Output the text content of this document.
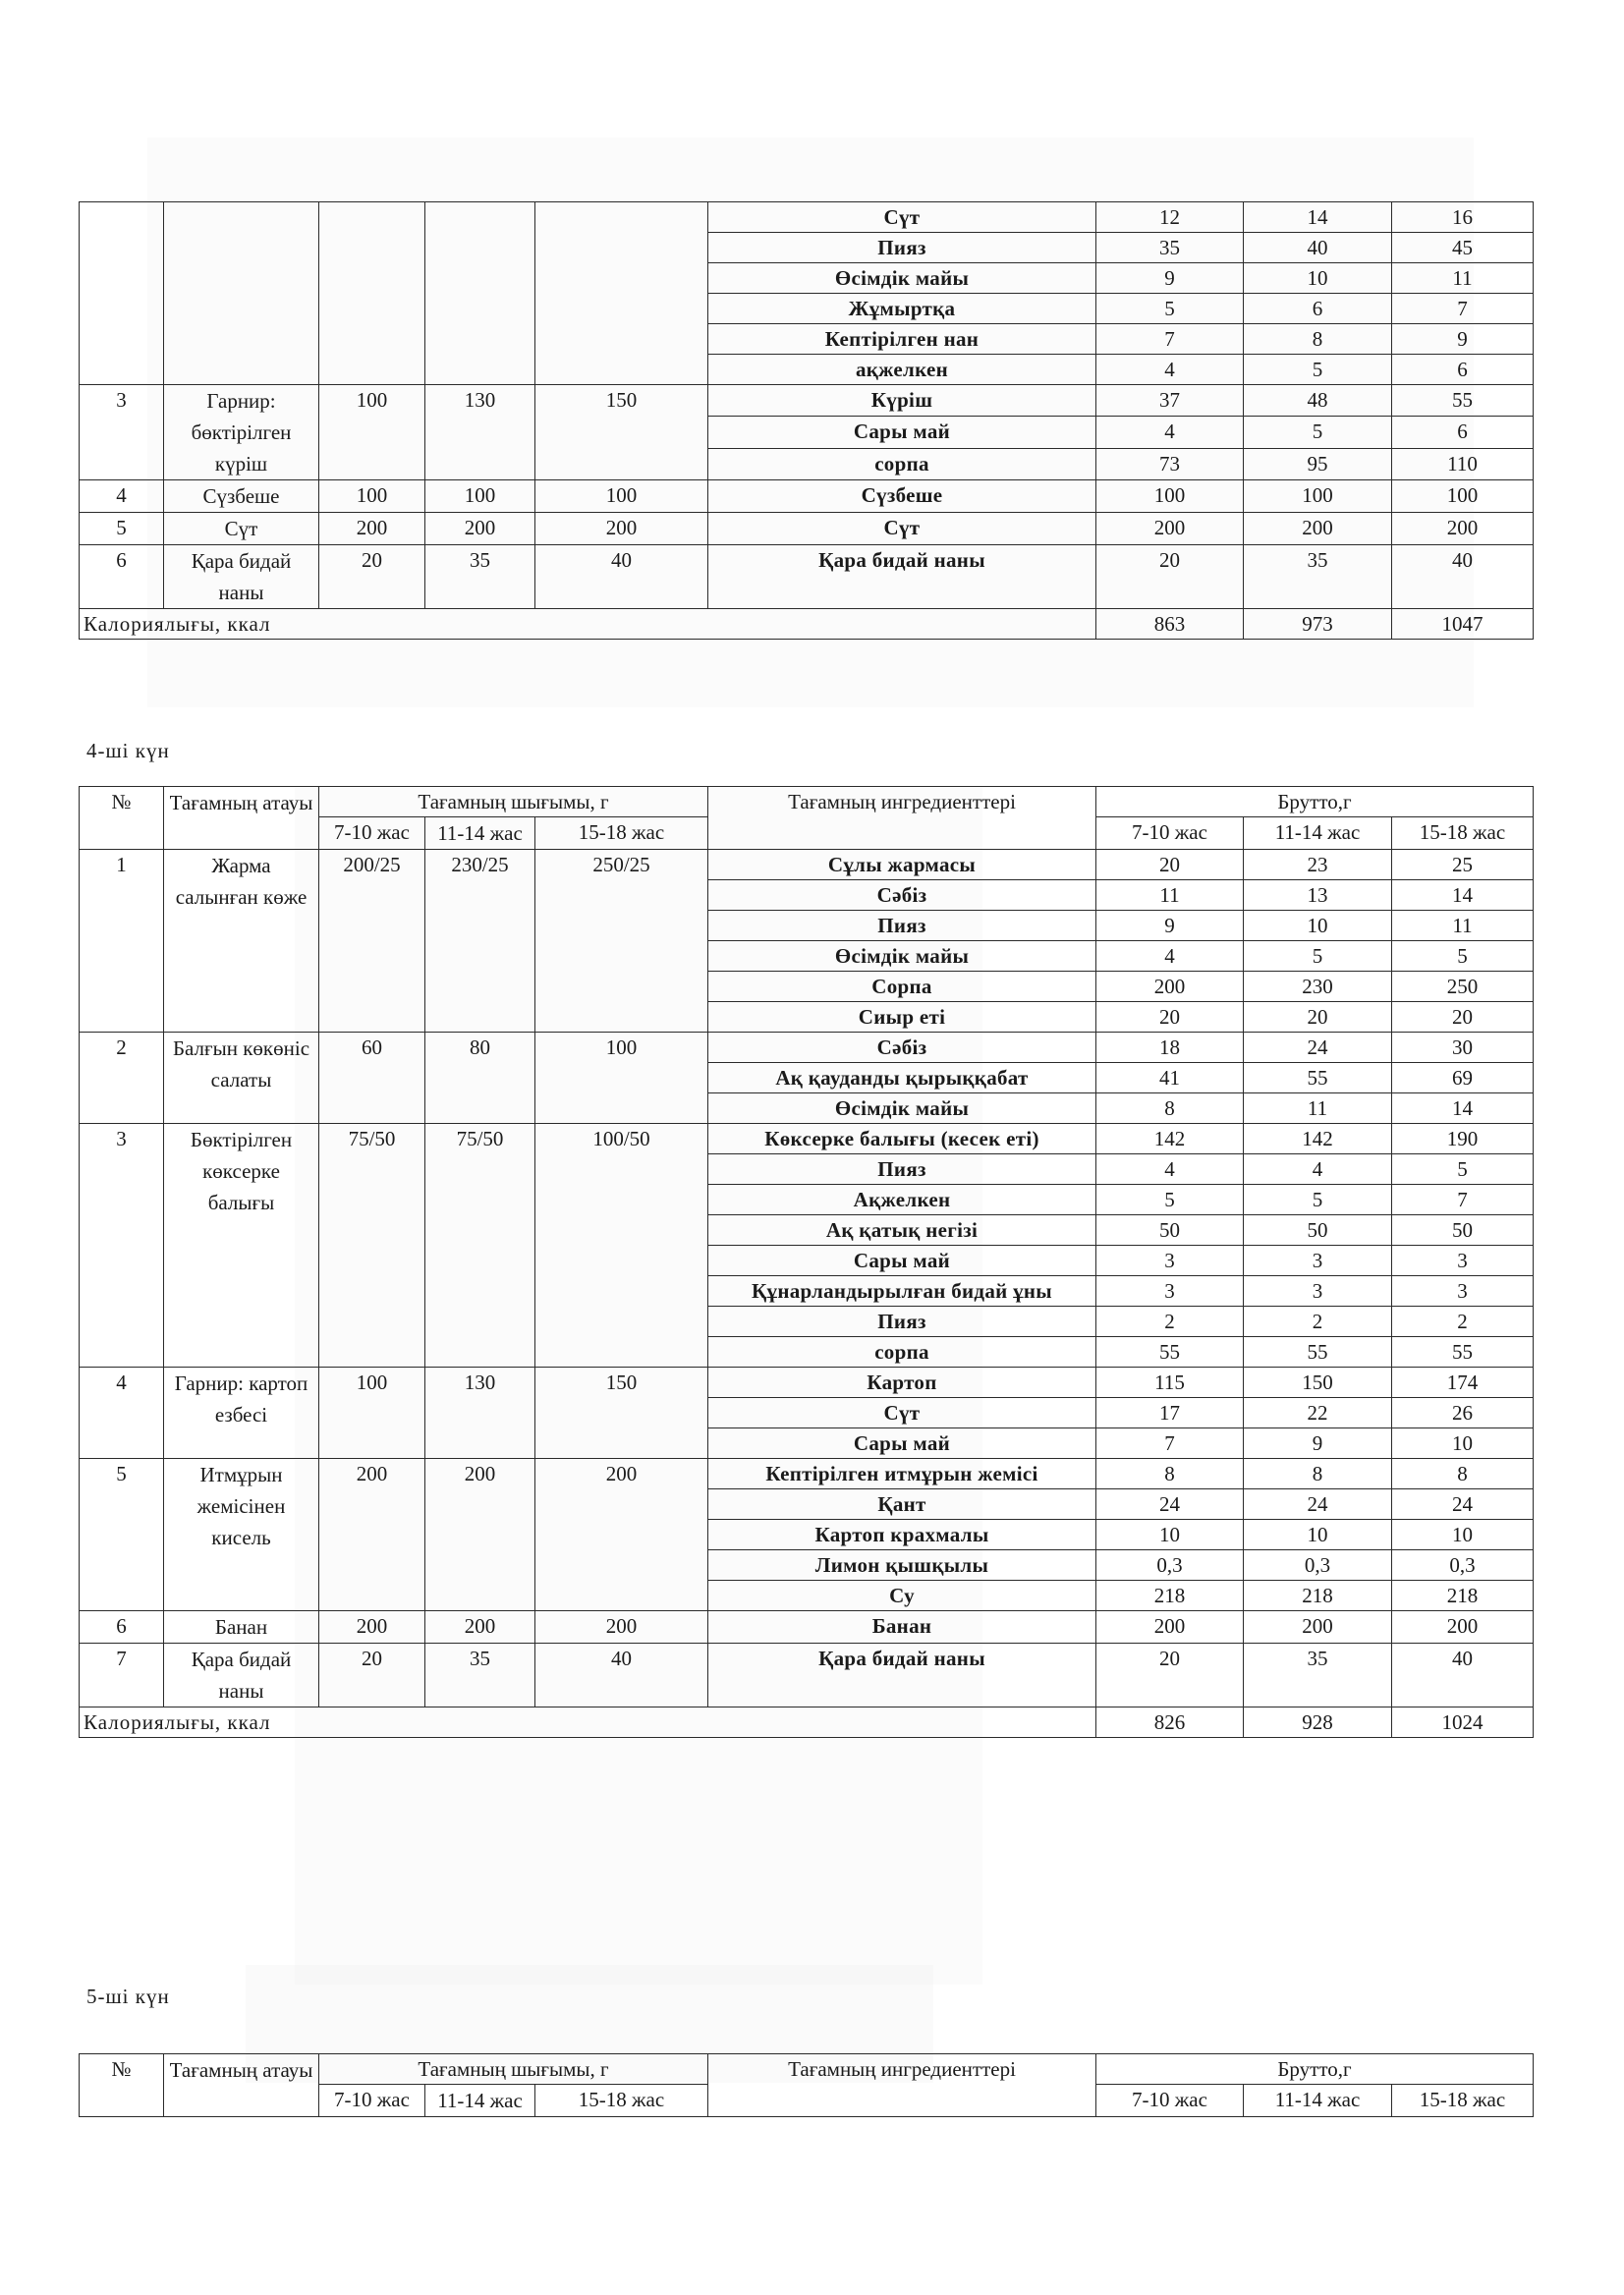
					Сүт	12	14	16
					Пияз	35	40	45
					Өсімдік майы	9	10	11
					Жұмыртқа	5	6	7
					Кептірілген нан	7	8	9
					ақжелкен	4	5	6
3	Гарнир: бөктірілген күріш	100	130	150	Күріш	37	48	55
					Сары май	4	5	6
					сорпа	73	95	110
4	Сүзбеше	100	100	100	Сүзбеше	100	100	100
5	Сүт	200	200	200	Сүт	200	200	200
6	Қара бидай наны	20	35	40	Қара бидай наны	20	35	40
Калориялығы, ккал						863	973	1047
4-ші күн
№	Тағамның атауы	Тағамның шығымы, г			Тағамның ингредиенттері	Брутто,г		
		7-10 жас	11-14 жас	15-18 жас		7-10 жас	11-14 жас	15-18 жас
1	Жарма салынған көже	200/25	230/25	250/25	Сұлы жармасы	20	23	25
					Сәбіз	11	13	14
					Пияз	9	10	11
					Өсімдік майы	4	5	5
					Сорпа	200	230	250
					Сиыр еті	20	20	20
2	Балғын көкөніс салаты	60	80	100	Сәбіз	18	24	30
					Ақ қауданды қырыққабат	41	55	69
					Өсімдік майы	8	11	14
3	Бөктірілген көксерке балығы	75/50	75/50	100/50	Көксерке балығы (кесек еті)	142	142	190
					Пияз	4	4	5
					Ақжелкен	5	5	7
					Ақ қатық негізі	50	50	50
					Сары май	3	3	3
					Құнарландырылған бидай ұны	3	3	3
					Пияз	2	2	2
					сорпа	55	55	55
4	Гарнир: картоп езбесі	100	130	150	Картоп	115	150	174
					Сүт	17	22	26
					Сары май	7	9	10
5	Итмұрын жемісінен кисель	200	200	200	Кептірілген итмұрын жемісі	8	8	8
					Қант	24	24	24
					Картоп крахмалы	10	10	10
					Лимон қышқылы	0,3	0,3	0,3
					Су	218	218	218
6	Банан	200	200	200	Банан	200	200	200
7	Қара бидай наны	20	35	40	Қара бидай наны	20	35	40
Калориялығы, ккал						826	928	1024
5-ші күн
№	Тағамның атауы	Тағамның шығымы, г			Тағамның ингредиенттері	Брутто,г		
		7-10 жас	11-14 жас	15-18 жас		7-10 жас	11-14 жас	15-18 жас
